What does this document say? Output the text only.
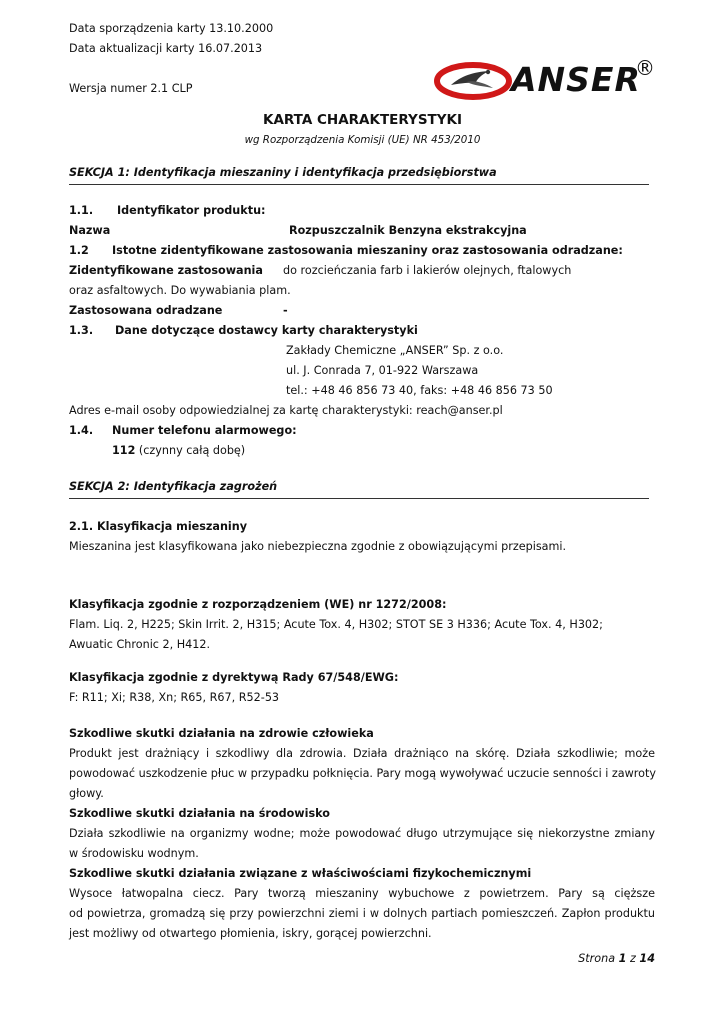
Data sporządzenia karty 13.10.2000
Data aktualizacji karty 16.07.2013
Wersja numer 2.1 CLP	ANSER
®
KARTA CHARAKTERYSTYKI
wg Rozporządzenia Komisji (UE) NR 453/2010
SEKCJA 1: Identyfikacja mieszaniny i identyfikacja przedsiębiorstwa
1.1. Identyfikator produktu:
Nazwa	Rozpuszczalnik Benzyna ekstrakcyjna
1.2 Istotne zidentyfikowane zastosowania mieszaniny oraz zastosowania odradzane:
Zidentyfikowane zastosowania do rozcieńczania farb i lakierów olejnych, ftalowych
oraz asfaltowych. Do wywabiania plam.
Zastosowana odradzane	-
1.3. Dane dotyczące dostawcy karty charakterystyki
Zakłady Chemiczne „ANSER” Sp. z o.o.
ul. J. Conrada 7, 01-922 Warszawa
tel.: +48 46 856 73 40, faks: +48 46 856 73 50
Adres e-mail osoby odpowiedzialnej za kartę charakterystyki: reach@anser.pl
1.4. Numer telefonu alarmowego:
112 (czynny całą dobę)
SEKCJA 2: Identyfikacja zagrożeń
2.1. Klasyfikacja mieszaniny
Mieszanina jest klasyfikowana jako niebezpieczna zgodnie z obowiązującymi przepisami.
Klasyfikacja zgodnie z rozporządzeniem (WE) nr 1272/2008:
Flam. Liq. 2, H225; Skin Irrit. 2, H315; Acute Tox. 4, H302; STOT SE 3 H336; Acute Tox. 4, H302;
Awuatic Chronic 2, H412.
Klasyfikacja zgodnie z dyrektywą Rady 67/548/EWG:
F: R11; Xi; R38, Xn; R65, R67, R52-53
Szkodliwe skutki działania na zdrowie człowieka
Produkt jest drażniący i szkodliwy dla zdrowia. Działa drażniąco na skórę. Działa szkodliwie; może
powodować uszkodzenie płuc w przypadku połknięcia. Pary mogą wywoływać uczucie senności i zawroty
głowy.
Szkodliwe skutki działania na środowisko
Działa szkodliwie na organizmy wodne; może powodować długo utrzymujące się niekorzystne zmiany
w środowisku wodnym.
Szkodliwe skutki działania związane z właściwościami fizykochemicznymi
Wysoce łatwopalna ciecz. Pary tworzą mieszaniny wybuchowe z powietrzem. Pary są cięższe
od powietrza, gromadzą się przy powierzchni ziemi i w dolnych partiach pomieszczeń. Zapłon produktu
jest możliwy od otwartego płomienia, iskry, gorącej powierzchni.
Strona 1 z 14
